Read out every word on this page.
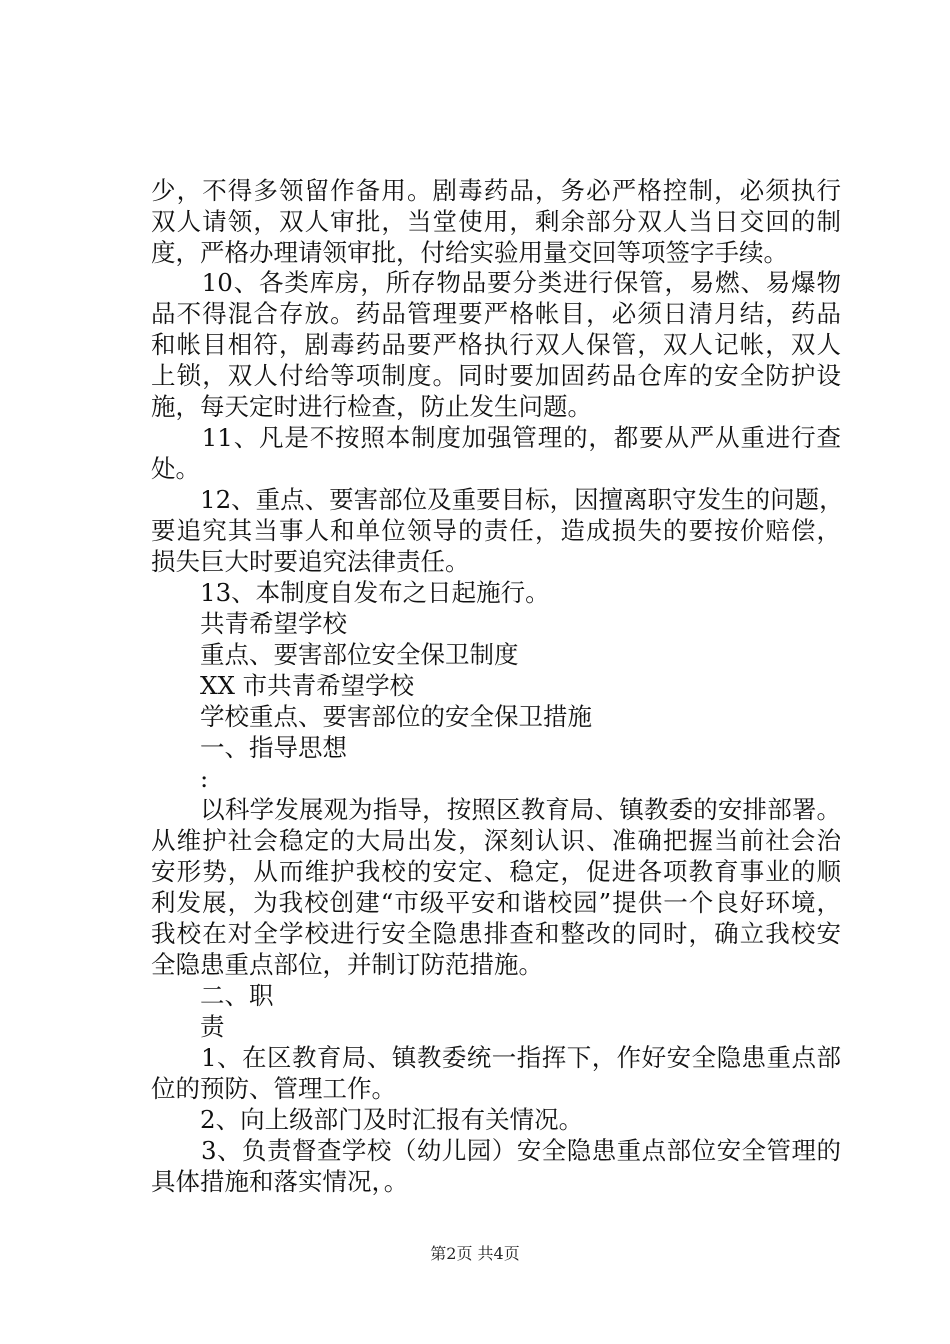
少，不得多领留作备用。剧毒药品，务必严格控制，必须执行
双人请领，双人审批，当堂使用，剩余部分双人当日交回的制
度，严格办理请领审批，付给实验用量交回等项签字手续。
　　10、各类库房，所存物品要分类进行保管，易燃、易爆物
品不得混合存放。药品管理要严格帐目，必须日清月结，药品
和帐目相符，剧毒药品要严格执行双人保管，双人记帐，双人
上锁，双人付给等项制度。同时要加固药品仓库的安全防护设
施，每天定时进行检查，防止发生问题。
　　11、凡是不按照本制度加强管理的，都要从严从重进行查
处。
　　12、重点、要害部位及重要目标，因擅离职守发生的问题，
要追究其当事人和单位领导的责任，造成损失的要按价赔偿，
损失巨大时要追究法律责任。
　　13、本制度自发布之日起施行。
　　共青希望学校
　　重点、要害部位安全保卫制度
　　XX 市共青希望学校
　　学校重点、要害部位的安全保卫措施
　　一、指导思想
　　:
　　以科学发展观为指导，按照区教育局、镇教委的安排部署。
从维护社会稳定的大局出发，深刻认识、准确把握当前社会治
安形势，从而维护我校的安定、稳定，促进各项教育事业的顺
利发展，为我校创建“市级平安和谐校园”提供一个良好环境，
我校在对全学校进行安全隐患排查和整改的同时，确立我校安
全隐患重点部位，并制订防范措施。
　　二、职
　　责
　　1、在区教育局、镇教委统一指挥下，作好安全隐患重点部
位的预防、管理工作。
　　2、向上级部门及时汇报有关情况。
　　3、负责督查学校（幼儿园）安全隐患重点部位安全管理的
具体措施和落实情况，。
第2页 共4页
